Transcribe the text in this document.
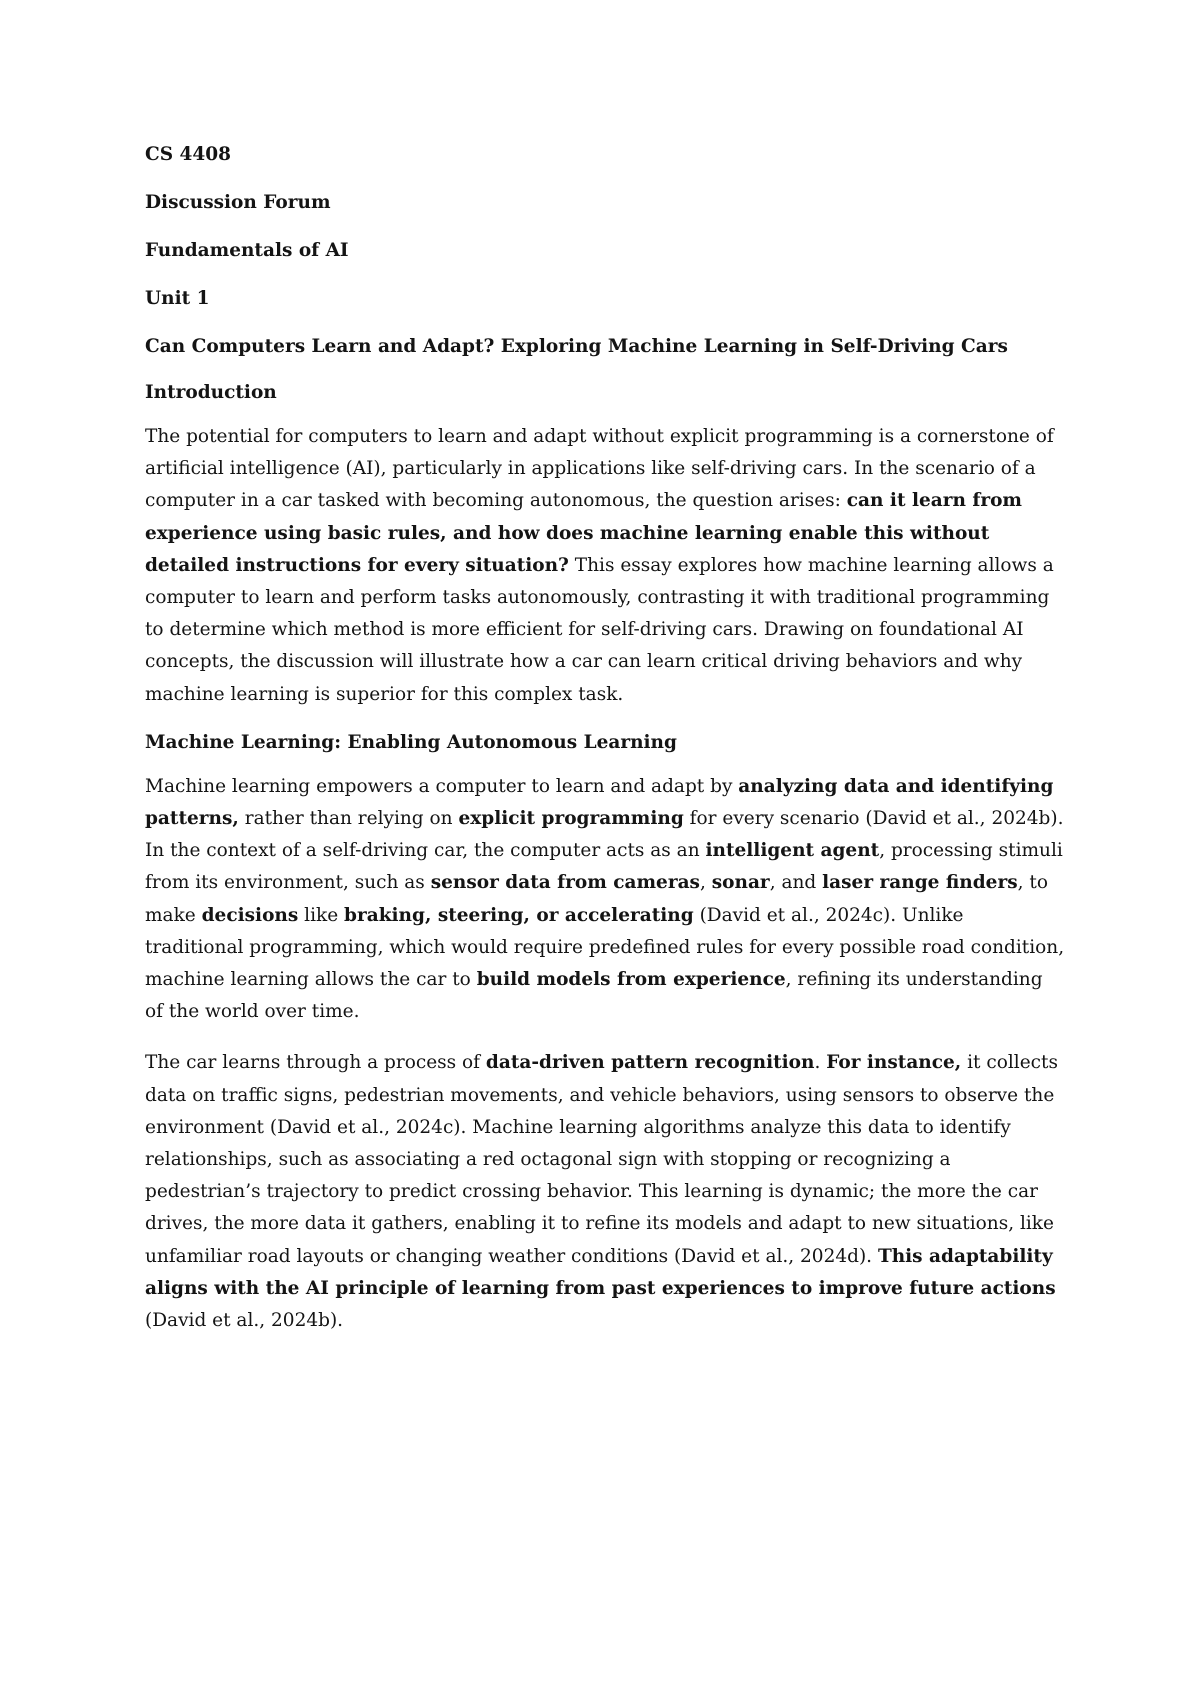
CS 4408
Discussion Forum
Fundamentals of AI
Unit 1
Can Computers Learn and Adapt? Exploring Machine Learning in Self-Driving Cars
Introduction

The potential for computers to learn and adapt without explicit programming is a cornerstone of artificial intelligence (AI), particularly in applications like self-driving cars. In the scenario of a computer in a car tasked with becoming autonomous, the question arises: can it learn from experience using basic rules, and how does machine learning enable this without detailed instructions for every situation? This essay explores how machine learning allows a computer to learn and perform tasks autonomously, contrasting it with traditional programming to determine which method is more efficient for self-driving cars. Drawing on foundational AI concepts, the discussion will illustrate how a car can learn critical driving behaviors and why machine learning is superior for this complex task.

Machine Learning: Enabling Autonomous Learning

Machine learning empowers a computer to learn and adapt by analyzing data and identifying patterns, rather than relying on explicit programming for every scenario (David et al., 2024b). In the context of a self-driving car, the computer acts as an intelligent agent, processing stimuli from its environment, such as sensor data from cameras, sonar, and laser range finders, to make decisions like braking, steering, or accelerating (David et al., 2024c). Unlike traditional programming, which would require predefined rules for every possible road condition, machine learning allows the car to build models from experience, refining its understanding of the world over time.

The car learns through a process of data-driven pattern recognition. For instance, it collects data on traffic signs, pedestrian movements, and vehicle behaviors, using sensors to observe the environment (David et al., 2024c). Machine learning algorithms analyze this data to identify relationships, such as associating a red octagonal sign with stopping or recognizing a pedestrian’s trajectory to predict crossing behavior. This learning is dynamic; the more the car drives, the more data it gathers, enabling it to refine its models and adapt to new situations, like unfamiliar road layouts or changing weather conditions (David et al., 2024d). This adaptability aligns with the AI principle of learning from past experiences to improve future actions (David et al., 2024b).
